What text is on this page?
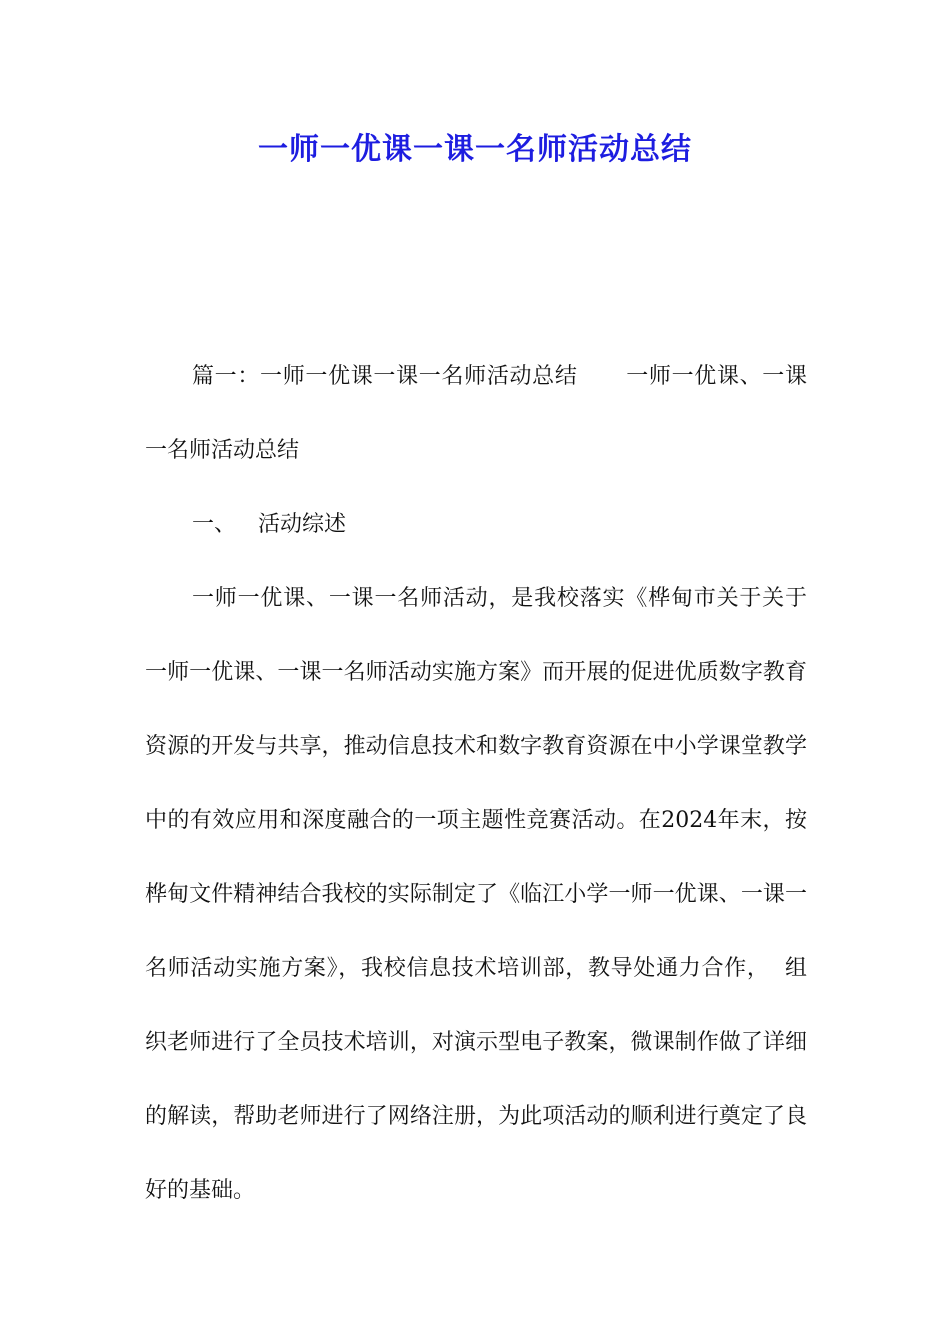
一师一优课一课一名师活动总结

篇一：一师一优课一课一名师活动总结 一师一优课、一课一名师活动总结

一、 活动综述

一师一优课、一课一名师活动，是我校落实《桦甸市关于关于一师一优课、一课一名师活动实施方案》而开展的促进优质数字教育资源的开发与共享，推动信息技术和数字教育资源在中小学课堂教学中的有效应用和深度融合的一项主题性竞赛活动。在2024年末，按桦甸文件精神结合我校的实际制定了《临江小学一师一优课、一课一名师活动实施方案》，我校信息技术培训部，教导处通力合作， 组织老师进行了全员技术培训，对演示型电子教案，微课制作做了详细的解读，帮助老师进行了网络注册，为此项活动的顺利进行奠定了良好的基础。
